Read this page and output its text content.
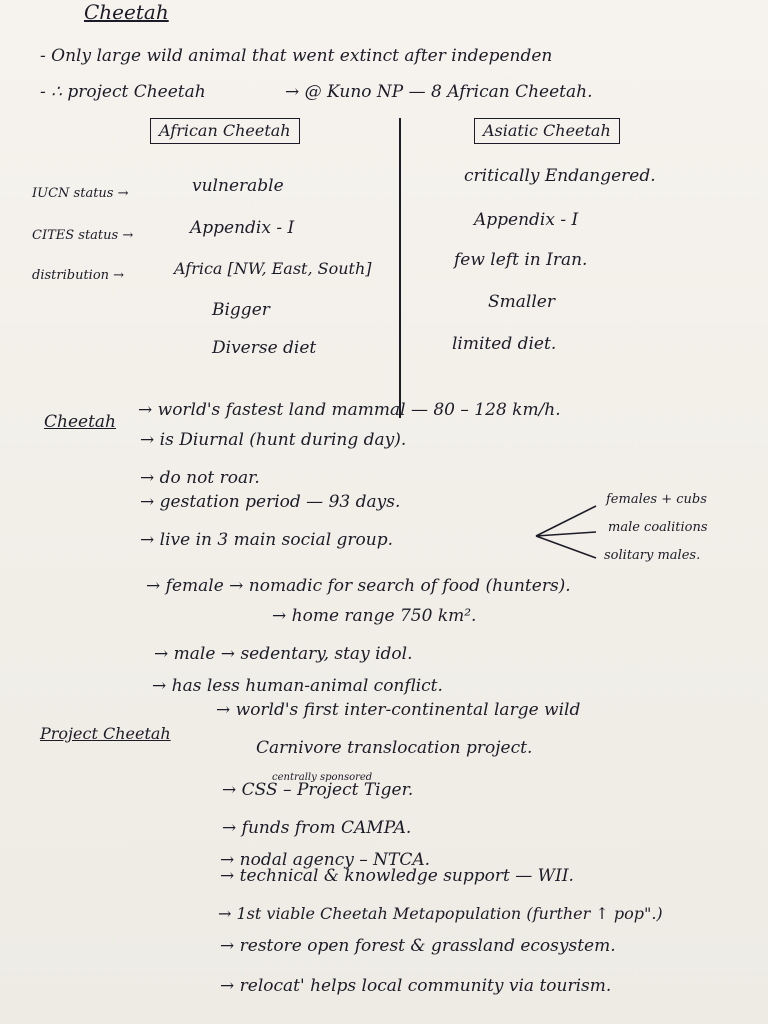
Cheetah
- Only large wild animal that went extinct after independen
- ∴ project Cheetah	→ @ Kuno NP — 8 African Cheetah.
African Cheetah	Asiatic Cheetah
IUCN status →
CITES status →
distribution →
vulnerable
Appendix - I
Africa [NW, East, South]
Bigger
Diverse diet
critically Endangered.
Appendix - I
few left in Iran.
Smaller
limited diet.
Cheetah
→ world's fastest land mammal — 80 – 128 km/h.
→ is Diurnal (hunt during day).
→ do not roar.
→ gestation period — 93 days.
→ live in 3 main social group.
females + cubs
male coalitions
solitary males.
→ female → nomadic for search of food (hunters).
→ home range 750 km².
→ male → sedentary, stay idol.
→ has less human-animal conflict.
Project Cheetah
→ world's first inter-continental large wild
Carnivore translocation project.
centrally sponsored
→ CSS – Project Tiger.
→ funds from CAMPA.
→ nodal agency – NTCA.
→ technical & knowledge support — WII.
→ 1st viable Cheetah Metapopulation (further ↑ pop".)
→ restore open forest & grassland ecosystem.
→ relocat' helps local community via tourism.
